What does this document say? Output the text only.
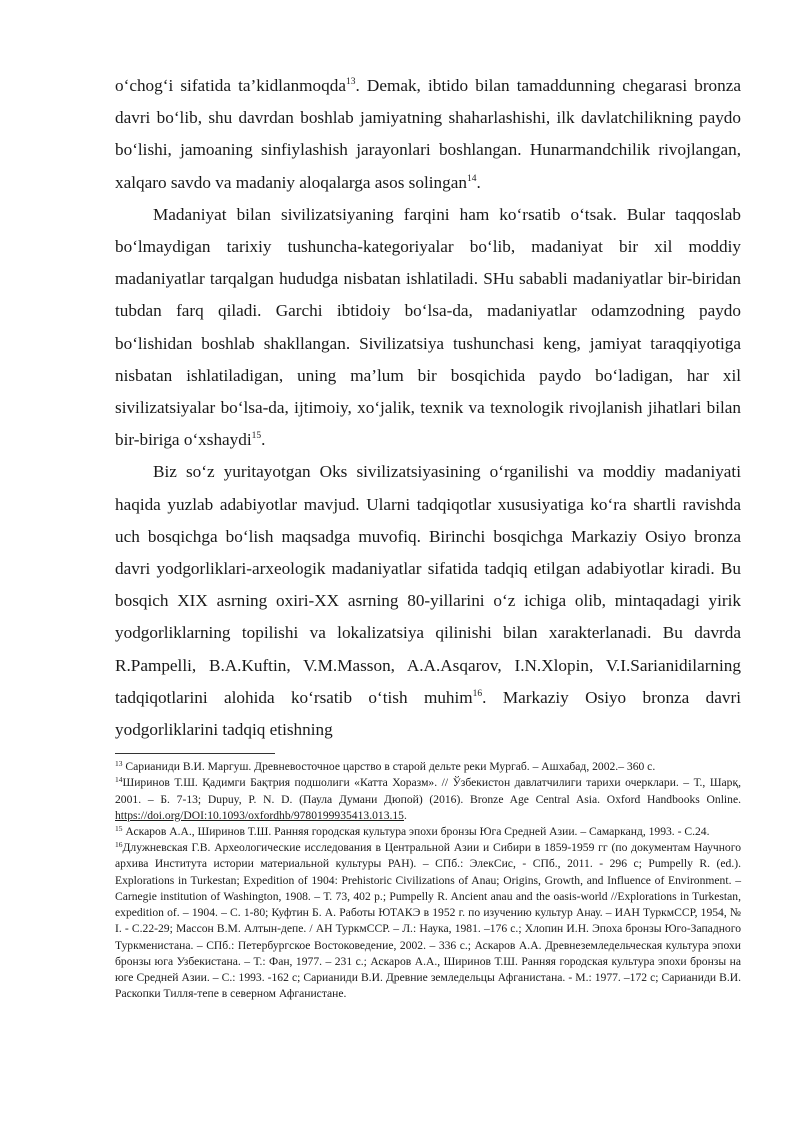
o‘chog‘i sifatida ta’kidlanmoqda$^{13}$. Demak, ibtido bilan tamaddunning chegarasi bronza davri bo‘lib, shu davrdan boshlab jamiyatning shaharlashishi, ilk davlatchilikning paydo bo‘lishi, jamoaning sinfiylashish jarayonlari boshlangan. Hunarmandchilik rivojlangan, xalqaro savdo va madaniy aloqalarga asos solingan$^{14}$.

Madaniyat bilan sivilizatsiyaning farqini ham ko‘rsatib o‘tsak. Bular taqqoslab bo‘lmaydigan tarixiy tushuncha-kategoriyalar bo‘lib, madaniyat bir xil moddiy madaniyatlar tarqalgan hududga nisbatan ishlatiladi. SHu sababli madaniyatlar bir-biridan tubdan farq qiladi. Garchi ibtidoiy bo‘lsa-da, madaniyatlar odamzodning paydo bo‘lishidan boshlab shakllangan. Sivilizatsiya tushunchasi keng, jamiyat taraqqiyotiga nisbatan ishlatiladigan, uning ma’lum bir bosqichida paydo bo‘ladigan, har xil sivilizatsiyalar bo‘lsa-da, ijtimoiy, xo‘jalik, texnik va texnologik rivojlanish jihatlari bilan bir-biriga o‘xshaydi$^{15}$.

Biz so‘z yuritayotgan Oks sivilizatsiyasining o‘rganilishi va moddiy madaniyati haqida yuzlab adabiyotlar mavjud. Ularni tadqiqotlar xususiyatiga ko‘ra shartli ravishda uch bosqichga bo‘lish maqsadga muvofiq. Birinchi bosqichga Markaziy Osiyo bronza davri yodgorliklari-arxeologik madaniyatlar sifatida tadqiq etilgan adabiyotlar kiradi. Bu bosqich XIX asrning oxiri-XX asrning 80-yillarini o‘z ichiga olib, mintaqadagi yirik yodgorliklarning topilishi va lokalizatsiya qilinishi bilan xarakterlanadi. Bu davrda R.Pampelli, B.A.Kuftin, V.M.Masson, A.A.Asqarov, I.N.Xlopin, V.I.Sarianidilarning tadqiqotlarini alohida ko‘rsatib o‘tish muhim$^{16}$. Markaziy Osiyo bronza davri yodgorliklarini tadqiq etishning

$^{13}$ Сарианиди В.И. Маргуш. Древневосточное царство в старой дельте реки Мургаб. – Ашхабад, 2002.– 360 с.

$^{14}$Ширинов Т.Ш. Қадимги Бақтрия подшолиги «Катта Хоразм». // Ўзбекистон давлатчилиги тарихи очерклари. – Т., Шарқ, 2001. – Б. 7-13; Dupuy, P. N. D. (Паула Думани Дюпой) (2016). Bronze Age Central Asia. Oxford Handbooks Online. https://doi.org/DOI:10.1093/oxfordhb/9780199935413.013.15.

$^{15}$ Аскаров А.А., Ширинов Т.Ш. Ранняя городская культура эпохи бронзы Юга Средней Азии. – Самарканд, 1993. - С.24.

$^{16}$Длужневская Г.В. Археологические исследования в Центральной Азии и Сибири в 1859-1959 гг (по документам Научного архива Института истории материальной культуры РАН). – СПб.: ЭлекСис, - СПб., 2011. - 296 с; Pumpelly R. (ed.). Explorations in Turkestan; Expedition of 1904: Prehistoric Civilizations of Anau; Origins, Growth, and Influence of Environment. – Carnegie institution of Washington, 1908. – Т. 73, 402 p.; Pumpelly R. Ancient anau and the oasis-world //Explorations in Turkestan, expedition of. – 1904. – С. 1-80; Куфтин Б. А. Работы ЮТАКЭ в 1952 г. по изучению культур Анау. – ИАН ТуркмССР, 1954, № I. - С.22-29; Массон В.М. Алтын-депе. / АН ТуркмССР. – Л.: Наука, 1981. –176 с.; Хлопин И.Н. Эпоха бронзы Юго-Западного Туркменистана. – СПб.: Петербургское Востоковедение, 2002. – 336 с.; Аскаров А.А. Древнеземледельческая культура эпохи бронзы юга Узбекистана. – Т.: Фан, 1977. – 231 с.; Аскаров А.А., Ширинов Т.Ш. Ранняя городская культура эпохи бронзы на юге Средней Азии. – С.: 1993. -162 с; Сарианиди В.И. Древние земледельцы Афганистана. - М.: 1977. –172 с; Сарианиди В.И. Раскопки Тилля-тепе в северном Афганистане.
